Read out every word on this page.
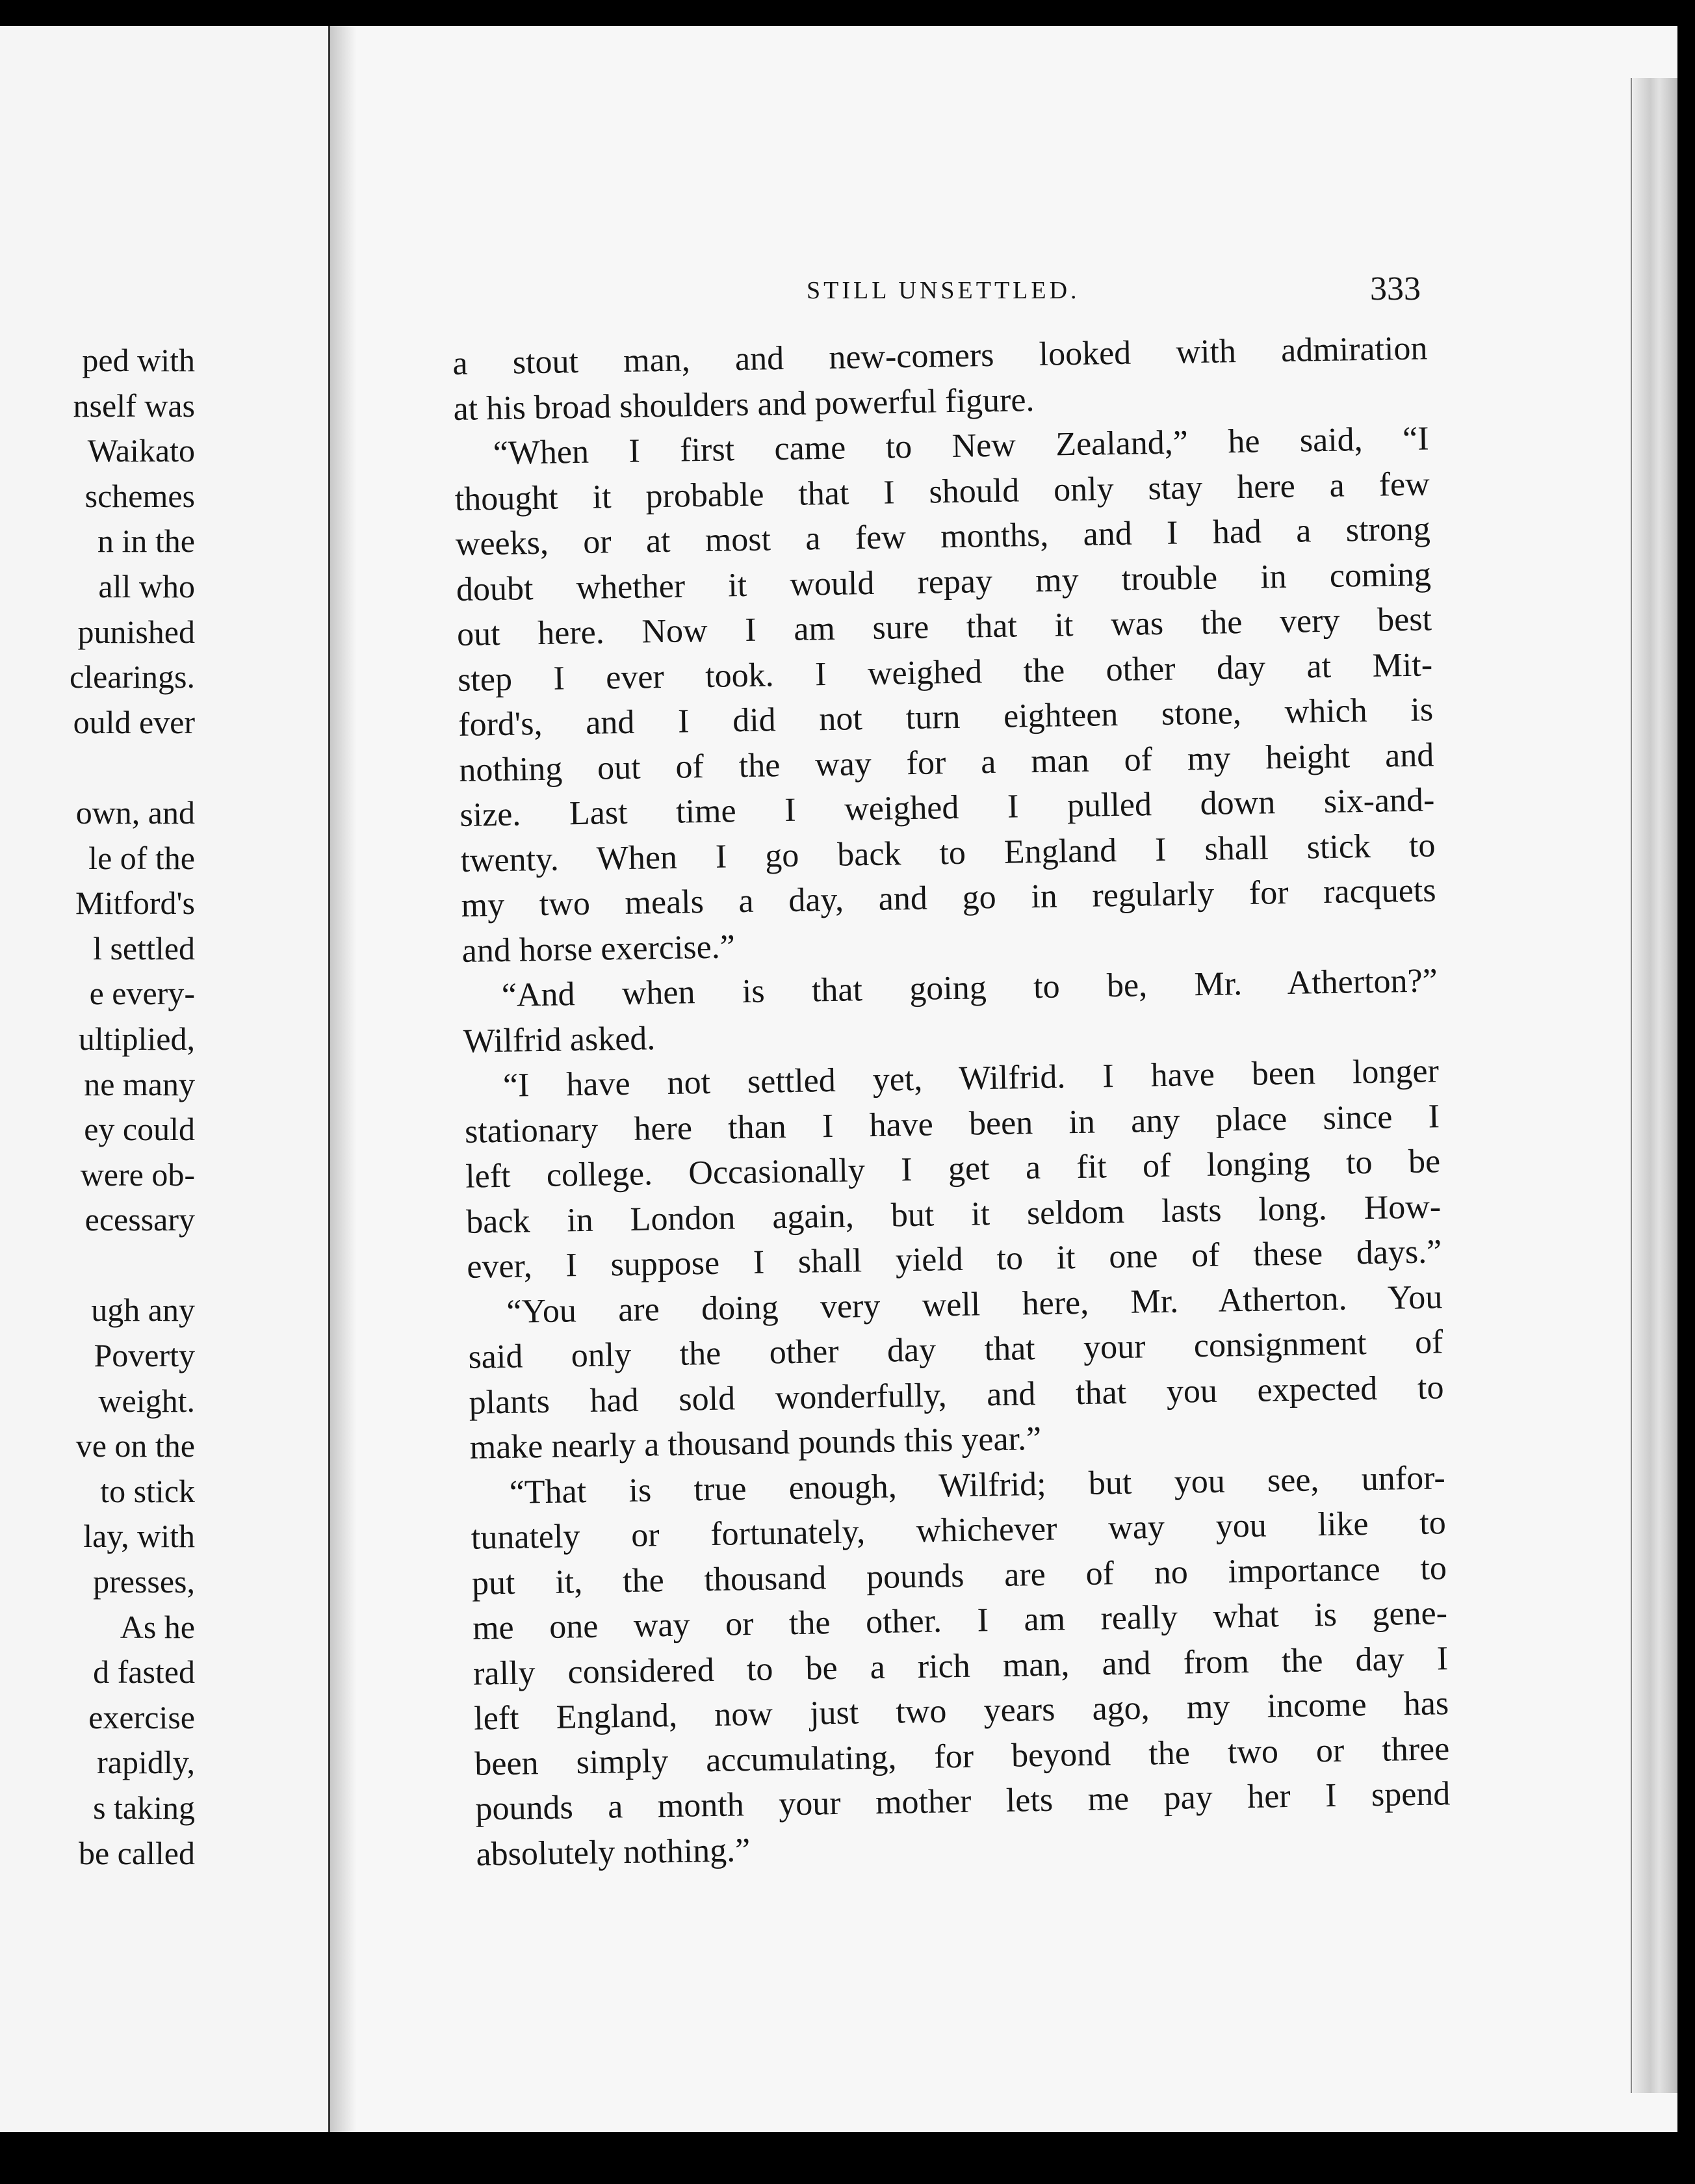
ped with
nself was
Waikato
schemes
n in the
all who
punished
clearings.
ould ever
own, and
le of the
Mitford's
l settled
e every-
ultiplied,
ne many
ey could
were ob-
ecessary
ugh any
Poverty
weight.
ve on the
to stick
lay, with
presses,
As he
d fasted
exercise
rapidly,
s taking
be called
STILL UNSETTLED.	333
a stout man, and new-comers looked with admiration
at his broad shoulders and powerful figure.
“When I first came to New Zealand,” he said, “I
thought it probable that I should only stay here a few
weeks, or at most a few months, and I had a strong
doubt whether it would repay my trouble in coming
out here. Now I am sure that it was the very best
step I ever took. I weighed the other day at Mit-
ford's, and I did not turn eighteen stone, which is
nothing out of the way for a man of my height and
size. Last time I weighed I pulled down six-and-
twenty. When I go back to England I shall stick to
my two meals a day, and go in regularly for racquets
and horse exercise.”
“And when is that going to be, Mr. Atherton?”
Wilfrid asked.
“I have not settled yet, Wilfrid. I have been longer
stationary here than I have been in any place since I
left college. Occasionally I get a fit of longing to be
back in London again, but it seldom lasts long. How-
ever, I suppose I shall yield to it one of these days.”
“You are doing very well here, Mr. Atherton. You
said only the other day that your consignment of
plants had sold wonderfully, and that you expected to
make nearly a thousand pounds this year.”
“That is true enough, Wilfrid; but you see, unfor-
tunately or fortunately, whichever way you like to
put it, the thousand pounds are of no importance to
me one way or the other. I am really what is gene-
rally considered to be a rich man, and from the day I
left England, now just two years ago, my income has
been simply accumulating, for beyond the two or three
pounds a month your mother lets me pay her I spend
absolutely nothing.”
